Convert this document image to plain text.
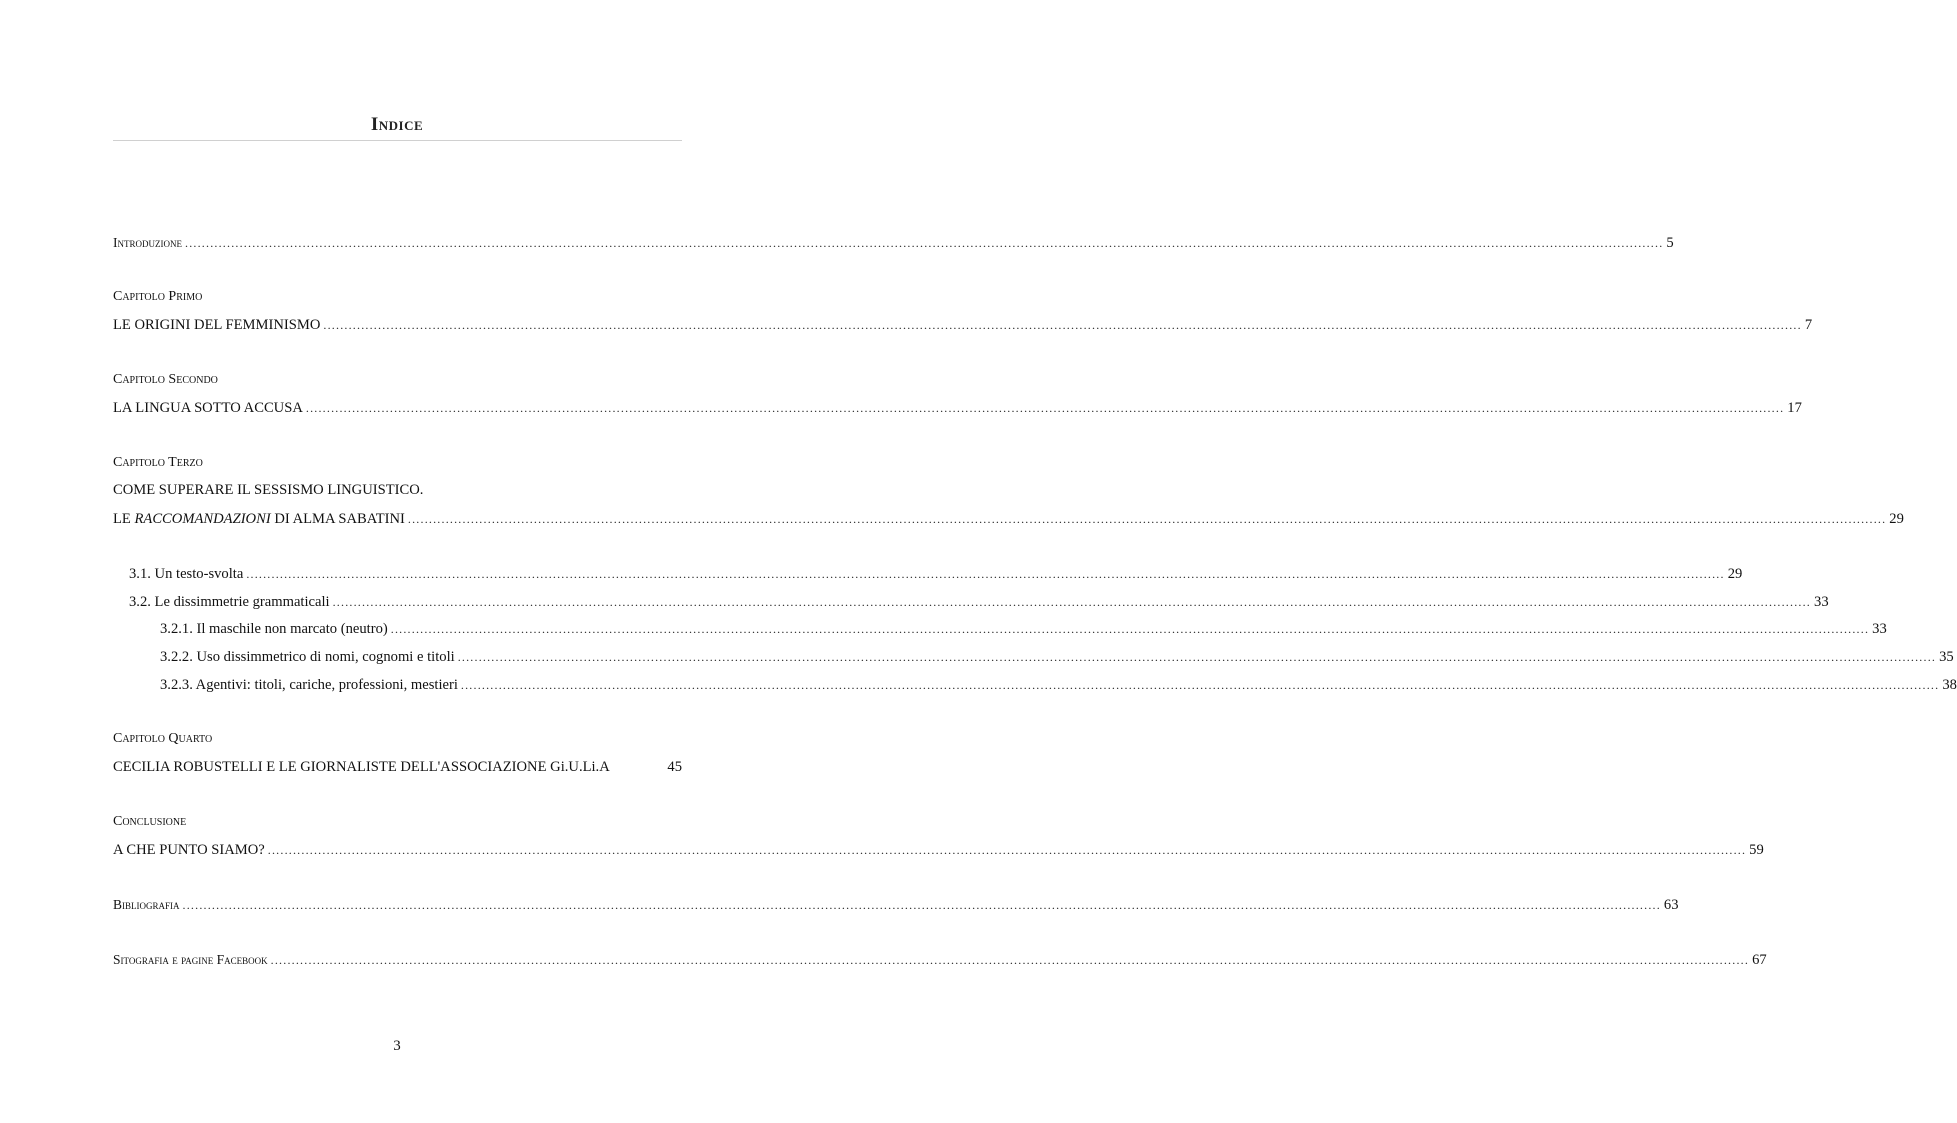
Indice
Introduzione ................................................................................................................................................................................................................................................................................................................................................................ 5
Capitolo Primo
LE ORIGINI DEL FEMMINISMO ................................................................................................................................................................................................................................................................................................................................................................ 7
Capitolo Secondo
LA LINGUA SOTTO ACCUSA ................................................................................................................................................................................................................................................................................................................................................................ 17
Capitolo Terzo
COME SUPERARE IL SESSISMO LINGUISTICO.
LE RACCOMANDAZIONI DI ALMA SABATINI ................................................................................................................................................................................................................................................................................................................................................................ 29
3.1. Un testo-svolta ................................................................................................................................................................................................................................................................................................................................................................ 29
3.2. Le dissimmetrie grammaticali ................................................................................................................................................................................................................................................................................................................................................................ 33
3.2.1. Il maschile non marcato (neutro) ................................................................................................................................................................................................................................................................................................................................................................ 33
3.2.2. Uso dissimmetrico di nomi, cognomi e titoli ................................................................................................................................................................................................................................................................................................................................................................ 35
3.2.3. Agentivi: titoli, cariche, professioni, mestieri ................................................................................................................................................................................................................................................................................................................................................................ 38
Capitolo Quarto
CECILIA ROBUSTELLI E LE GIORNALISTE DELL'ASSOCIAZIONE Gi.U.Li.A	45
Conclusione
A CHE PUNTO SIAMO? ................................................................................................................................................................................................................................................................................................................................................................ 59
Bibliografia ................................................................................................................................................................................................................................................................................................................................................................ 63
Sitografia e pagine Facebook ................................................................................................................................................................................................................................................................................................................................................................ 67
3
